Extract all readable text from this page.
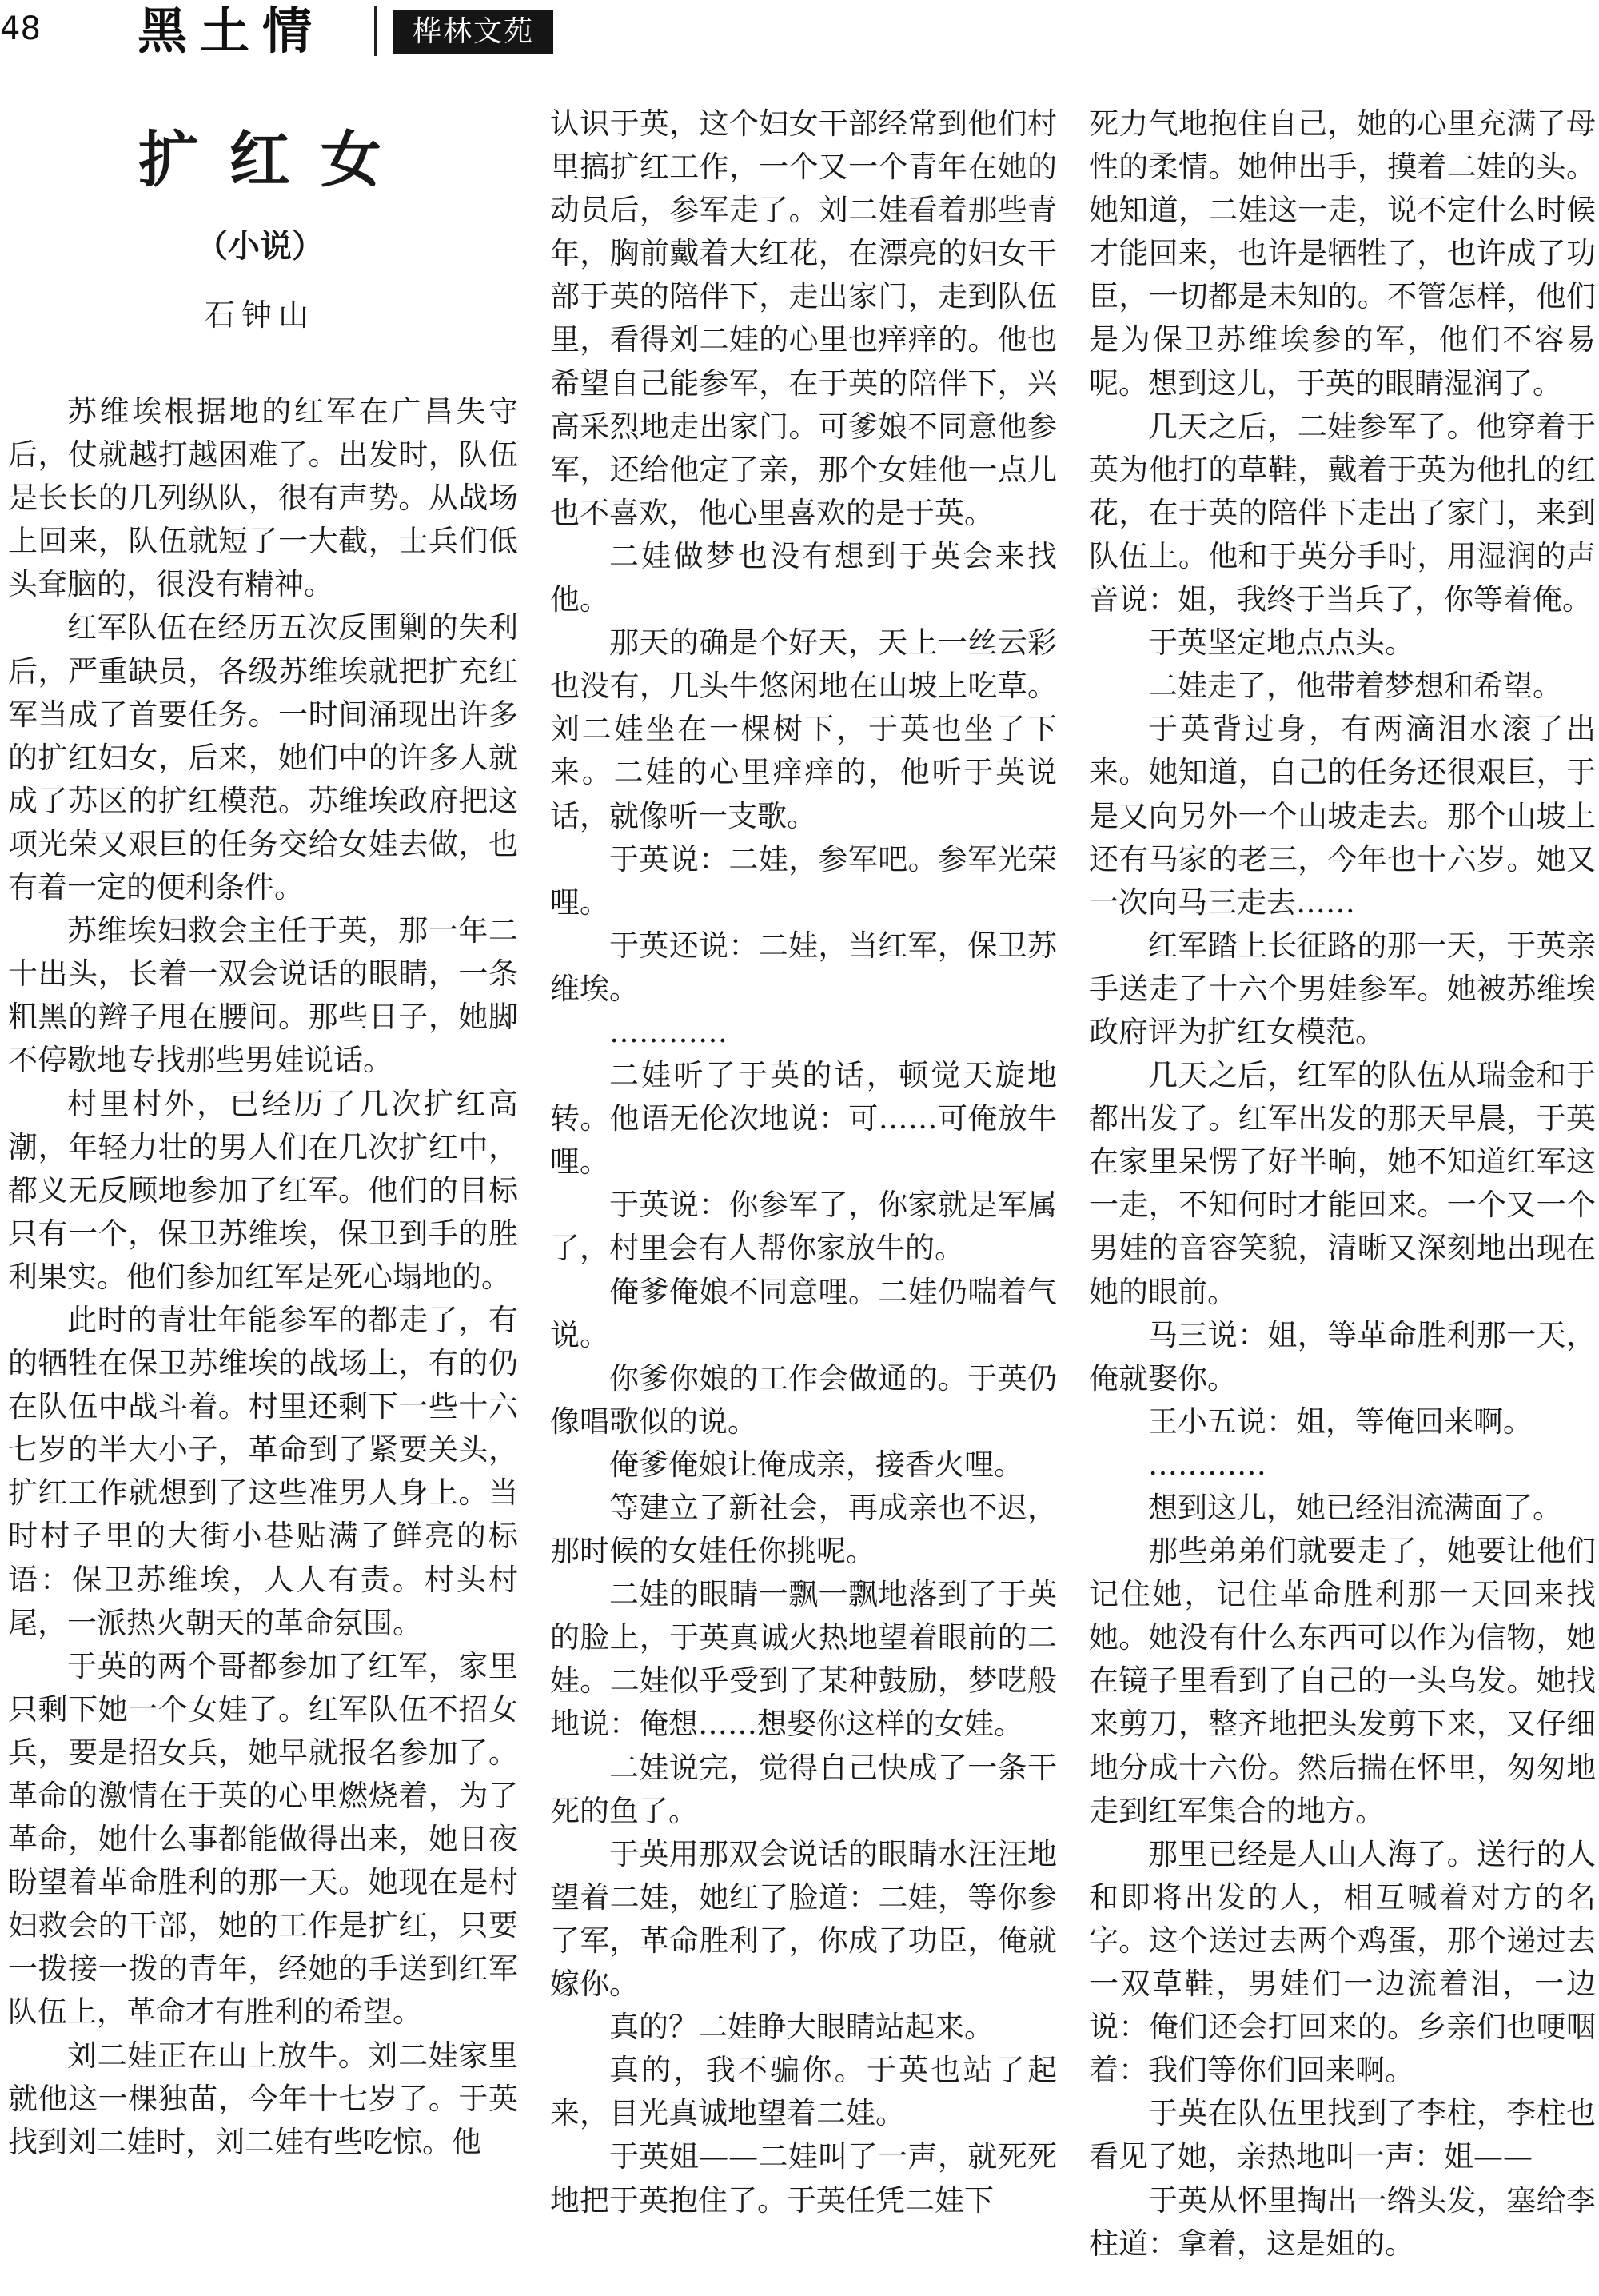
48 黑土情	桦林文苑
扩红女
（小说）
石钟山

苏维埃根据地的红军在广昌失守后，仗就越打越困难了。出发时，队伍是长长的几列纵队，很有声势。从战场上回来，队伍就短了一大截，士兵们低头耷脑的，很没有精神。

红军队伍在经历五次反围剿的失利后，严重缺员，各级苏维埃就把扩充红军当成了首要任务。一时间涌现出许多的扩红妇女，后来，她们中的许多人就成了苏区的扩红模范。苏维埃政府把这项光荣又艰巨的任务交给女娃去做，也有着一定的便利条件。

苏维埃妇救会主任于英，那一年二十出头，长着一双会说话的眼睛，一条粗黑的辫子甩在腰间。那些日子，她脚不停歇地专找那些男娃说话。

村里村外，已经历了几次扩红高潮，年轻力壮的男人们在几次扩红中，都义无反顾地参加了红军。他们的目标只有一个，保卫苏维埃，保卫到手的胜利果实。他们参加红军是死心塌地的。

此时的青壮年能参军的都走了，有的牺牲在保卫苏维埃的战场上，有的仍在队伍中战斗着。村里还剩下一些十六七岁的半大小子，革命到了紧要关头，扩红工作就想到了这些准男人身上。当时村子里的大街小巷贴满了鲜亮的标语：保卫苏维埃，人人有责。村头村尾，一派热火朝天的革命氛围。

于英的两个哥都参加了红军，家里只剩下她一个女娃了。红军队伍不招女兵，要是招女兵，她早就报名参加了。革命的激情在于英的心里燃烧着，为了革命，她什么事都能做得出来，她日夜盼望着革命胜利的那一天。她现在是村妇救会的干部，她的工作是扩红，只要一拨接一拨的青年，经她的手送到红军队伍上，革命才有胜利的希望。

刘二娃正在山上放牛。刘二娃家里就他这一棵独苗，今年十七岁了。于英找到刘二娃时，刘二娃有些吃惊。他

认识于英，这个妇女干部经常到他们村里搞扩红工作，一个又一个青年在她的动员后，参军走了。刘二娃看着那些青年，胸前戴着大红花，在漂亮的妇女干部于英的陪伴下，走出家门，走到队伍里，看得刘二娃的心里也痒痒的。他也希望自己能参军，在于英的陪伴下，兴高采烈地走出家门。可爹娘不同意他参军，还给他定了亲，那个女娃他一点儿也不喜欢，他心里喜欢的是于英。

二娃做梦也没有想到于英会来找他。

那天的确是个好天，天上一丝云彩也没有，几头牛悠闲地在山坡上吃草。刘二娃坐在一棵树下，于英也坐了下来。二娃的心里痒痒的，他听于英说话，就像听一支歌。

于英说：二娃，参军吧。参军光荣哩。

于英还说：二娃，当红军，保卫苏维埃。

…………

二娃听了于英的话，顿觉天旋地转。他语无伦次地说：可……可俺放牛哩。

于英说：你参军了，你家就是军属了，村里会有人帮你家放牛的。

俺爹俺娘不同意哩。二娃仍喘着气说。

你爹你娘的工作会做通的。于英仍像唱歌似的说。

俺爹俺娘让俺成亲，接香火哩。

等建立了新社会，再成亲也不迟，那时候的女娃任你挑呢。

二娃的眼睛一飘一飘地落到了于英的脸上，于英真诚火热地望着眼前的二娃。二娃似乎受到了某种鼓励，梦呓般地说：俺想……想娶你这样的女娃。

二娃说完，觉得自己快成了一条干死的鱼了。

于英用那双会说话的眼睛水汪汪地望着二娃，她红了脸道：二娃，等你参了军，革命胜利了，你成了功臣，俺就嫁你。

真的？二娃睁大眼睛站起来。

真的，我不骗你。于英也站了起来，目光真诚地望着二娃。

于英姐——二娃叫了一声，就死死地把于英抱住了。于英任凭二娃下

死力气地抱住自己，她的心里充满了母性的柔情。她伸出手，摸着二娃的头。她知道，二娃这一走，说不定什么时候才能回来，也许是牺牲了，也许成了功臣，一切都是未知的。不管怎样，他们是为保卫苏维埃参的军，他们不容易呢。想到这儿，于英的眼睛湿润了。

几天之后，二娃参军了。他穿着于英为他打的草鞋，戴着于英为他扎的红花，在于英的陪伴下走出了家门，来到队伍上。他和于英分手时，用湿润的声音说：姐，我终于当兵了，你等着俺。

于英坚定地点点头。

二娃走了，他带着梦想和希望。

于英背过身，有两滴泪水滚了出来。她知道，自己的任务还很艰巨，于是又向另外一个山坡走去。那个山坡上还有马家的老三，今年也十六岁。她又一次向马三走去……

红军踏上长征路的那一天，于英亲手送走了十六个男娃参军。她被苏维埃政府评为扩红女模范。

几天之后，红军的队伍从瑞金和于都出发了。红军出发的那天早晨，于英在家里呆愣了好半晌，她不知道红军这一走，不知何时才能回来。一个又一个男娃的音容笑貌，清晰又深刻地出现在她的眼前。

马三说：姐，等革命胜利那一天，俺就娶你。

王小五说：姐，等俺回来啊。

…………

想到这儿，她已经泪流满面了。

那些弟弟们就要走了，她要让他们记住她，记住革命胜利那一天回来找她。她没有什么东西可以作为信物，她在镜子里看到了自己的一头乌发。她找来剪刀，整齐地把头发剪下来，又仔细地分成十六份。然后揣在怀里，匆匆地走到红军集合的地方。

那里已经是人山人海了。送行的人和即将出发的人，相互喊着对方的名字。这个送过去两个鸡蛋，那个递过去一双草鞋，男娃们一边流着泪，一边说：俺们还会打回来的。乡亲们也哽咽着：我们等你们回来啊。

于英在队伍里找到了李柱，李柱也看见了她，亲热地叫一声：姐——

于英从怀里掏出一绺头发，塞给李柱道：拿着，这是姐的。
